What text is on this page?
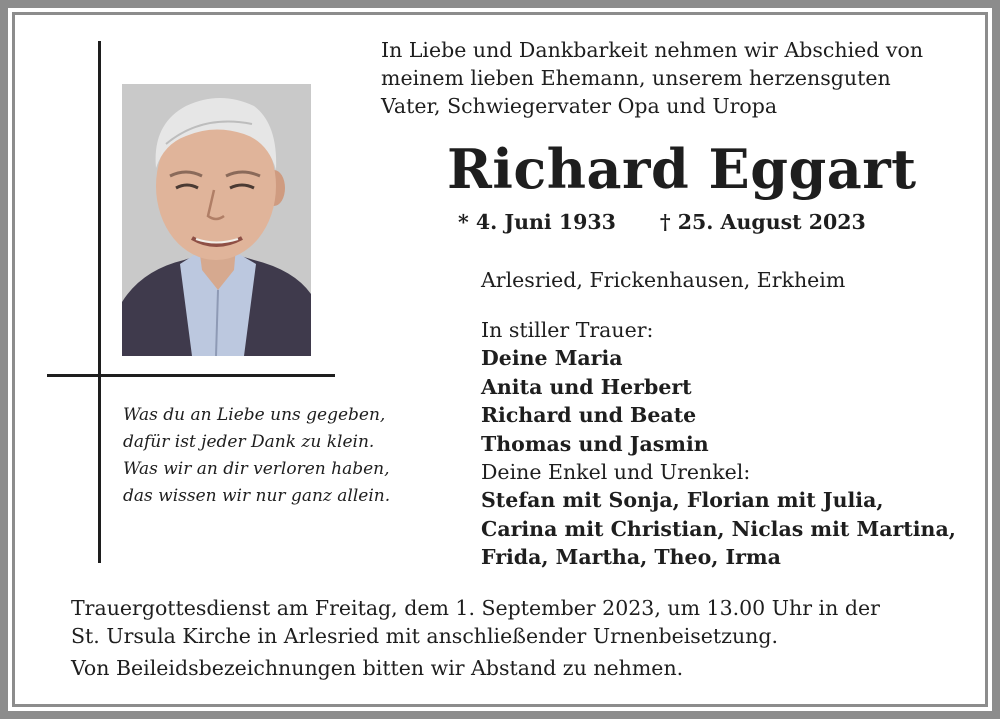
In Liebe und Dankbarkeit nehmen wir Abschied von
meinem lieben Ehemann, unserem herzensguten
Vater, Schwiegervater Opa und Uropa
Richard Eggart
* 4. Juni 1933 † 25. August 2023
Arlesried, Frickenhausen, Erkheim
In stiller Trauer:
Deine Maria
Anita und Herbert
Richard und Beate
Thomas und Jasmin
Deine Enkel und Urenkel:
Stefan mit Sonja, Florian mit Julia,
Carina mit Christian, Niclas mit Martina,
Frida, Martha, Theo, Irma
Was du an Liebe uns gegeben,
dafür ist jeder Dank zu klein.
Was wir an dir verloren haben,
das wissen wir nur ganz allein.
Trauergottesdienst am Freitag, dem 1. September 2023, um 13.00 Uhr in der
St. Ursula Kirche in Arlesried mit anschließender Urnenbeisetzung.
Von Beileidsbezeichnungen bitten wir Abstand zu nehmen.
